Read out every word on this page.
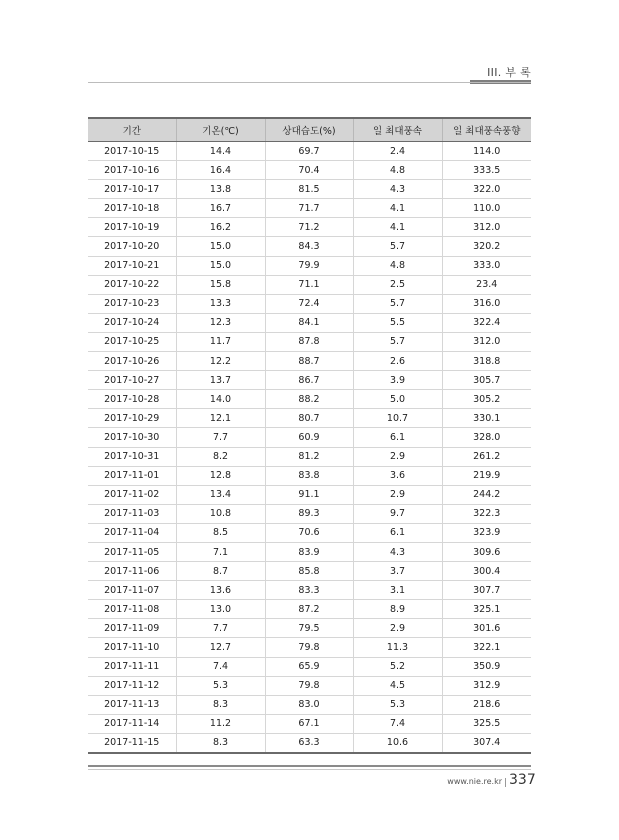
III. 부 록
기간	기온(℃)	상대습도(%)	일 최대풍속	일 최대풍속풍향
2017-10-15	14.4	69.7	2.4	114.0
2017-10-16	16.4	70.4	4.8	333.5
2017-10-17	13.8	81.5	4.3	322.0
2017-10-18	16.7	71.7	4.1	110.0
2017-10-19	16.2	71.2	4.1	312.0
2017-10-20	15.0	84.3	5.7	320.2
2017-10-21	15.0	79.9	4.8	333.0
2017-10-22	15.8	71.1	2.5	23.4
2017-10-23	13.3	72.4	5.7	316.0
2017-10-24	12.3	84.1	5.5	322.4
2017-10-25	11.7	87.8	5.7	312.0
2017-10-26	12.2	88.7	2.6	318.8
2017-10-27	13.7	86.7	3.9	305.7
2017-10-28	14.0	88.2	5.0	305.2
2017-10-29	12.1	80.7	10.7	330.1
2017-10-30	7.7	60.9	6.1	328.0
2017-10-31	8.2	81.2	2.9	261.2
2017-11-01	12.8	83.8	3.6	219.9
2017-11-02	13.4	91.1	2.9	244.2
2017-11-03	10.8	89.3	9.7	322.3
2017-11-04	8.5	70.6	6.1	323.9
2017-11-05	7.1	83.9	4.3	309.6
2017-11-06	8.7	85.8	3.7	300.4
2017-11-07	13.6	83.3	3.1	307.7
2017-11-08	13.0	87.2	8.9	325.1
2017-11-09	7.7	79.5	2.9	301.6
2017-11-10	12.7	79.8	11.3	322.1
2017-11-11	7.4	65.9	5.2	350.9
2017-11-12	5.3	79.8	4.5	312.9
2017-11-13	8.3	83.0	5.3	218.6
2017-11-14	11.2	67.1	7.4	325.5
2017-11-15	8.3	63.3	10.6	307.4
www.nie.re.kr 337
